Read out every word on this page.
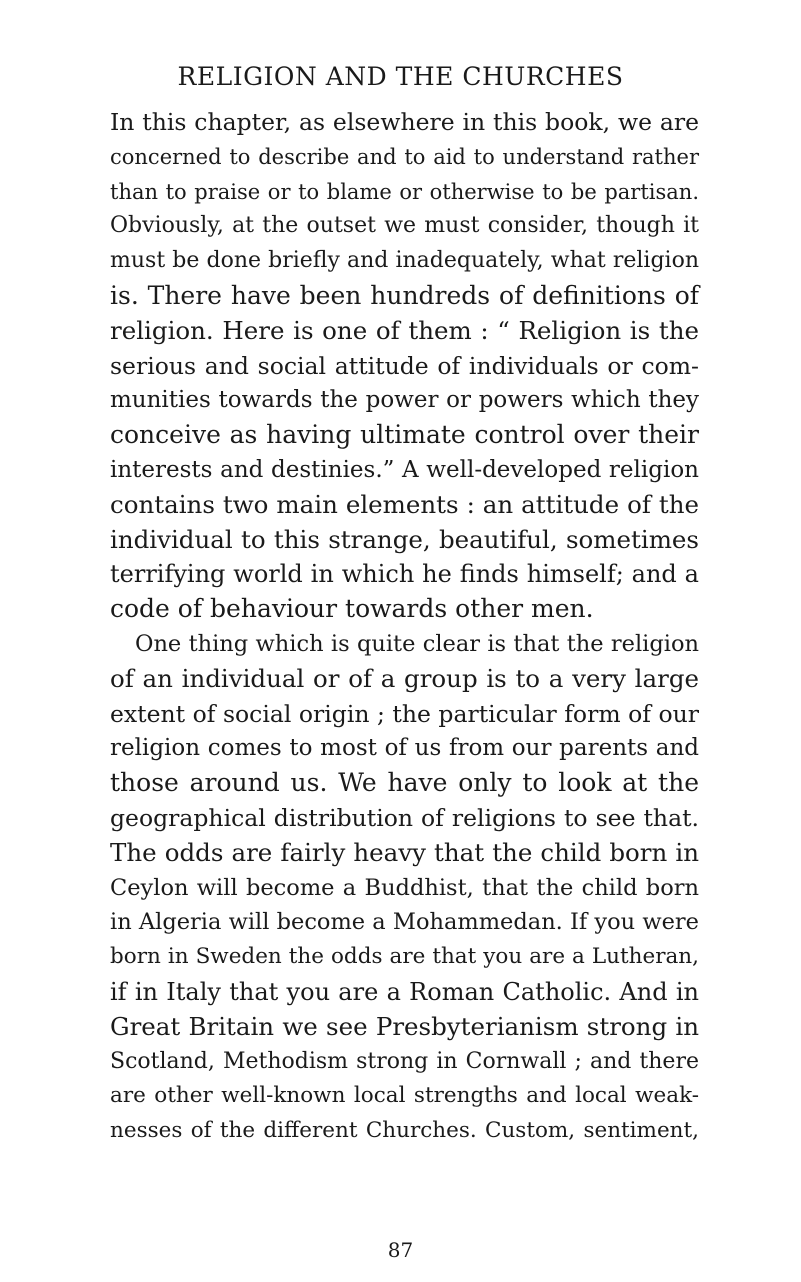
RELIGION AND THE CHURCHES
In this chapter, as elsewhere in this book, we are
concerned to describe and to aid to understand rather
than to praise or to blame or otherwise to be partisan.
Obviously, at the outset we must consider, though it
must be done briefly and inadequately, what religion
is. There have been hundreds of definitions of
religion. Here is one of them : “ Religion is the
serious and social attitude of individuals or com-
munities towards the power or powers which they
conceive as having ultimate control over their
interests and destinies.” A well-developed religion
contains two main elements : an attitude of the
individual to this strange, beautiful, sometimes
terrifying world in which he finds himself; and a
code of behaviour towards other men.
One thing which is quite clear is that the religion
of an individual or of a group is to a very large
extent of social origin ; the particular form of our
religion comes to most of us from our parents and
those around us. We have only to look at the
geographical distribution of religions to see that.
The odds are fairly heavy that the child born in
Ceylon will become a Buddhist, that the child born
in Algeria will become a Mohammedan. If you were
born in Sweden the odds are that you are a Lutheran,
if in Italy that you are a Roman Catholic. And in
Great Britain we see Presbyterianism strong in
Scotland, Methodism strong in Cornwall ; and there
are other well-known local strengths and local weak-
nesses of the different Churches. Custom, sentiment,
87
